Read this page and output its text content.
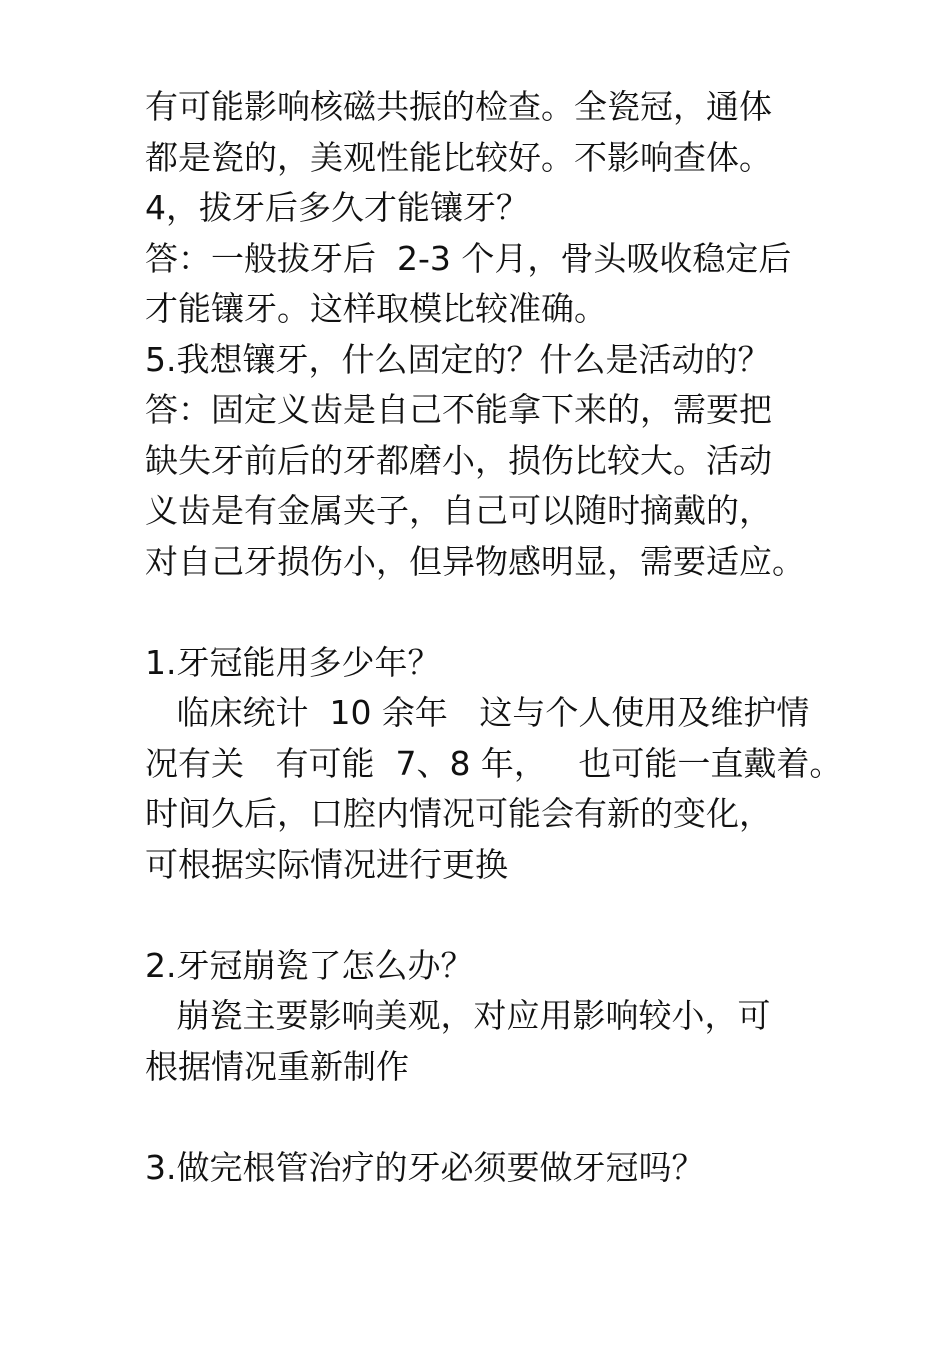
有可能影响核磁共振的检查。全瓷冠，通体
都是瓷的，美观性能比较好。不影响查体。
4，拔牙后多久才能镶牙？
答：一般拔牙后  2-3 个月，骨头吸收稳定后
才能镶牙。这样取模比较准确。
5.我想镶牙，什么固定的？什么是活动的？
答：固定义齿是自己不能拿下来的，需要把
缺失牙前后的牙都磨小，损伤比较大。活动
义齿是有金属夹子，自己可以随时摘戴的，
对自己牙损伤小，但异物感明显，需要适应。
1.牙冠能用多少年？
临床统计  10 余年   这与个人使用及维护情
况有关   有可能  7、8 年，   也可能一直戴着。
时间久后，口腔内情况可能会有新的变化，
可根据实际情况进行更换
2.牙冠崩瓷了怎么办？
崩瓷主要影响美观，对应用影响较小，可
根据情况重新制作
3.做完根管治疗的牙必须要做牙冠吗？
